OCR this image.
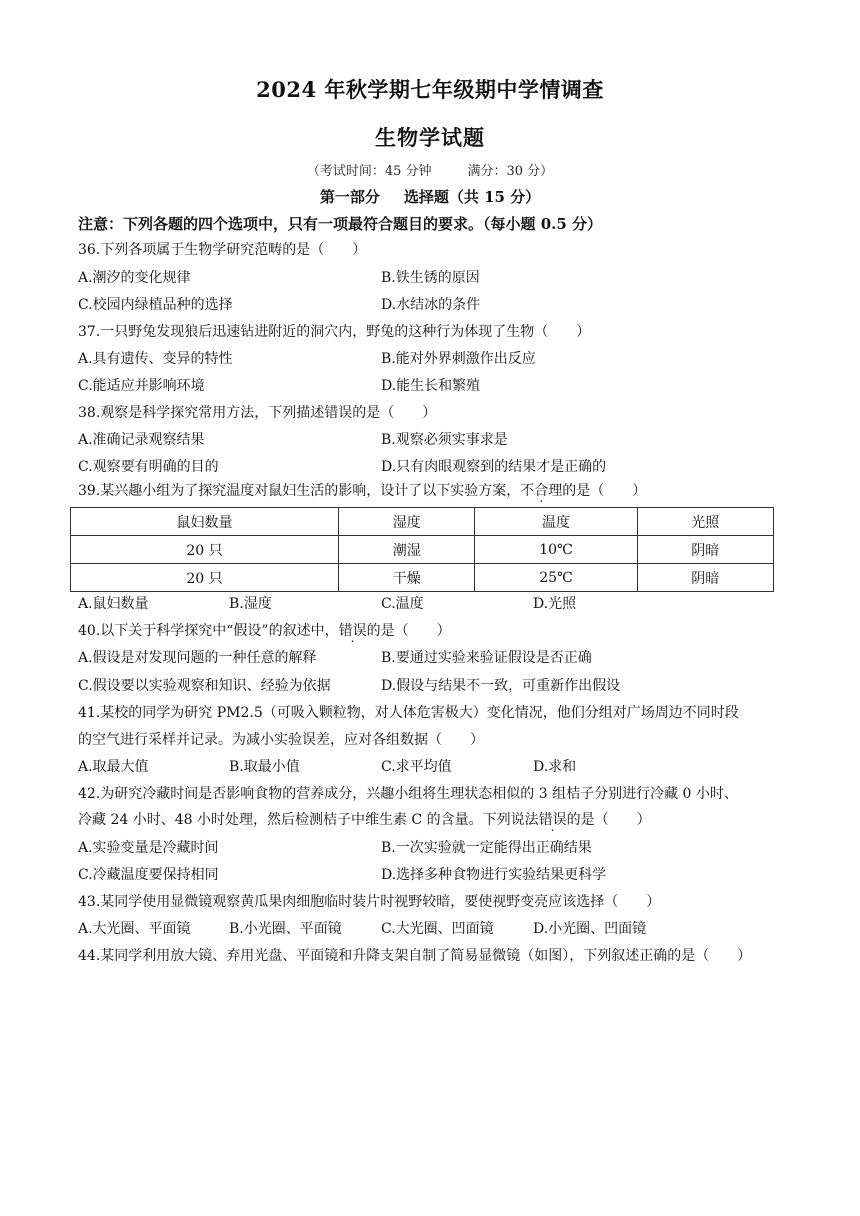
2024 年秋学期七年级期中学情调查
生物学试题
（考试时间：45 分钟	满分：30 分）
第一部分 选择题（共 15 分）
注意：下列各题的四个选项中，只有一项最符合题目的要求。（每小题 0.5 分）
36.下列各项属于生物学研究范畴的是（　　）
A.潮汐的变化规律	B.铁生锈的原因
C.校园内绿植品种的选择	D.水结冰的条件
37.一只野兔发现狼后迅速钻进附近的洞穴内，野兔的这种行为体现了生物（　　）
A.具有遗传、变异的特性	B.能对外界刺激作出反应
C.能适应并影响环境	D.能生长和繁殖
38.观察是科学探究常用方法，下列描述错误的是（　　）
A.准确记录观察结果	B.观察必须实事求是
C.观察要有明确的目的	D.只有肉眼观察到的结果才是正确的
39.某兴趣小组为了探究温度对鼠妇生活的影响，设计了以下实验方案，不合理的是（　　）
鼠妇数量	湿度	温度	光照
20 只	潮湿	10℃	阴暗
20 只	干燥	25℃	阴暗
A.鼠妇数量	B.湿度	C.温度	D.光照
40.以下关于科学探究中“假设”的叙述中，错误的是（　　）
A.假设是对发现问题的一种任意的解释	B.要通过实验来验证假设是否正确
C.假设要以实验观察和知识、经验为依据	D.假设与结果不一致，可重新作出假设
41.某校的同学为研究 PM2.5（可吸入颗粒物，对人体危害极大）变化情况，他们分组对广场周边不同时段
的空气进行采样并记录。为减小实验误差，应对各组数据（　　）
A.取最大值	B.取最小值	C.求平均值	D.求和
42.为研究冷藏时间是否影响食物的营养成分，兴趣小组将生理状态相似的 3 组桔子分别进行冷藏 0 小时、
冷藏 24 小时、48 小时处理，然后检测桔子中维生素 C 的含量。下列说法错误的是（　　）
A.实验变量是冷藏时间	B.一次实验就一定能得出正确结果
C.冷藏温度要保持相同	D.选择多种食物进行实验结果更科学
43.某同学使用显微镜观察黄瓜果肉细胞临时装片时视野较暗，要使视野变亮应该选择（　　）
A.大光圈、平面镜	B.小光圈、平面镜	C.大光圈、凹面镜	D.小光圈、凹面镜
44.某同学利用放大镜、弃用光盘、平面镜和升降支架自制了简易显微镜（如图），下列叙述正确的是（　　）
